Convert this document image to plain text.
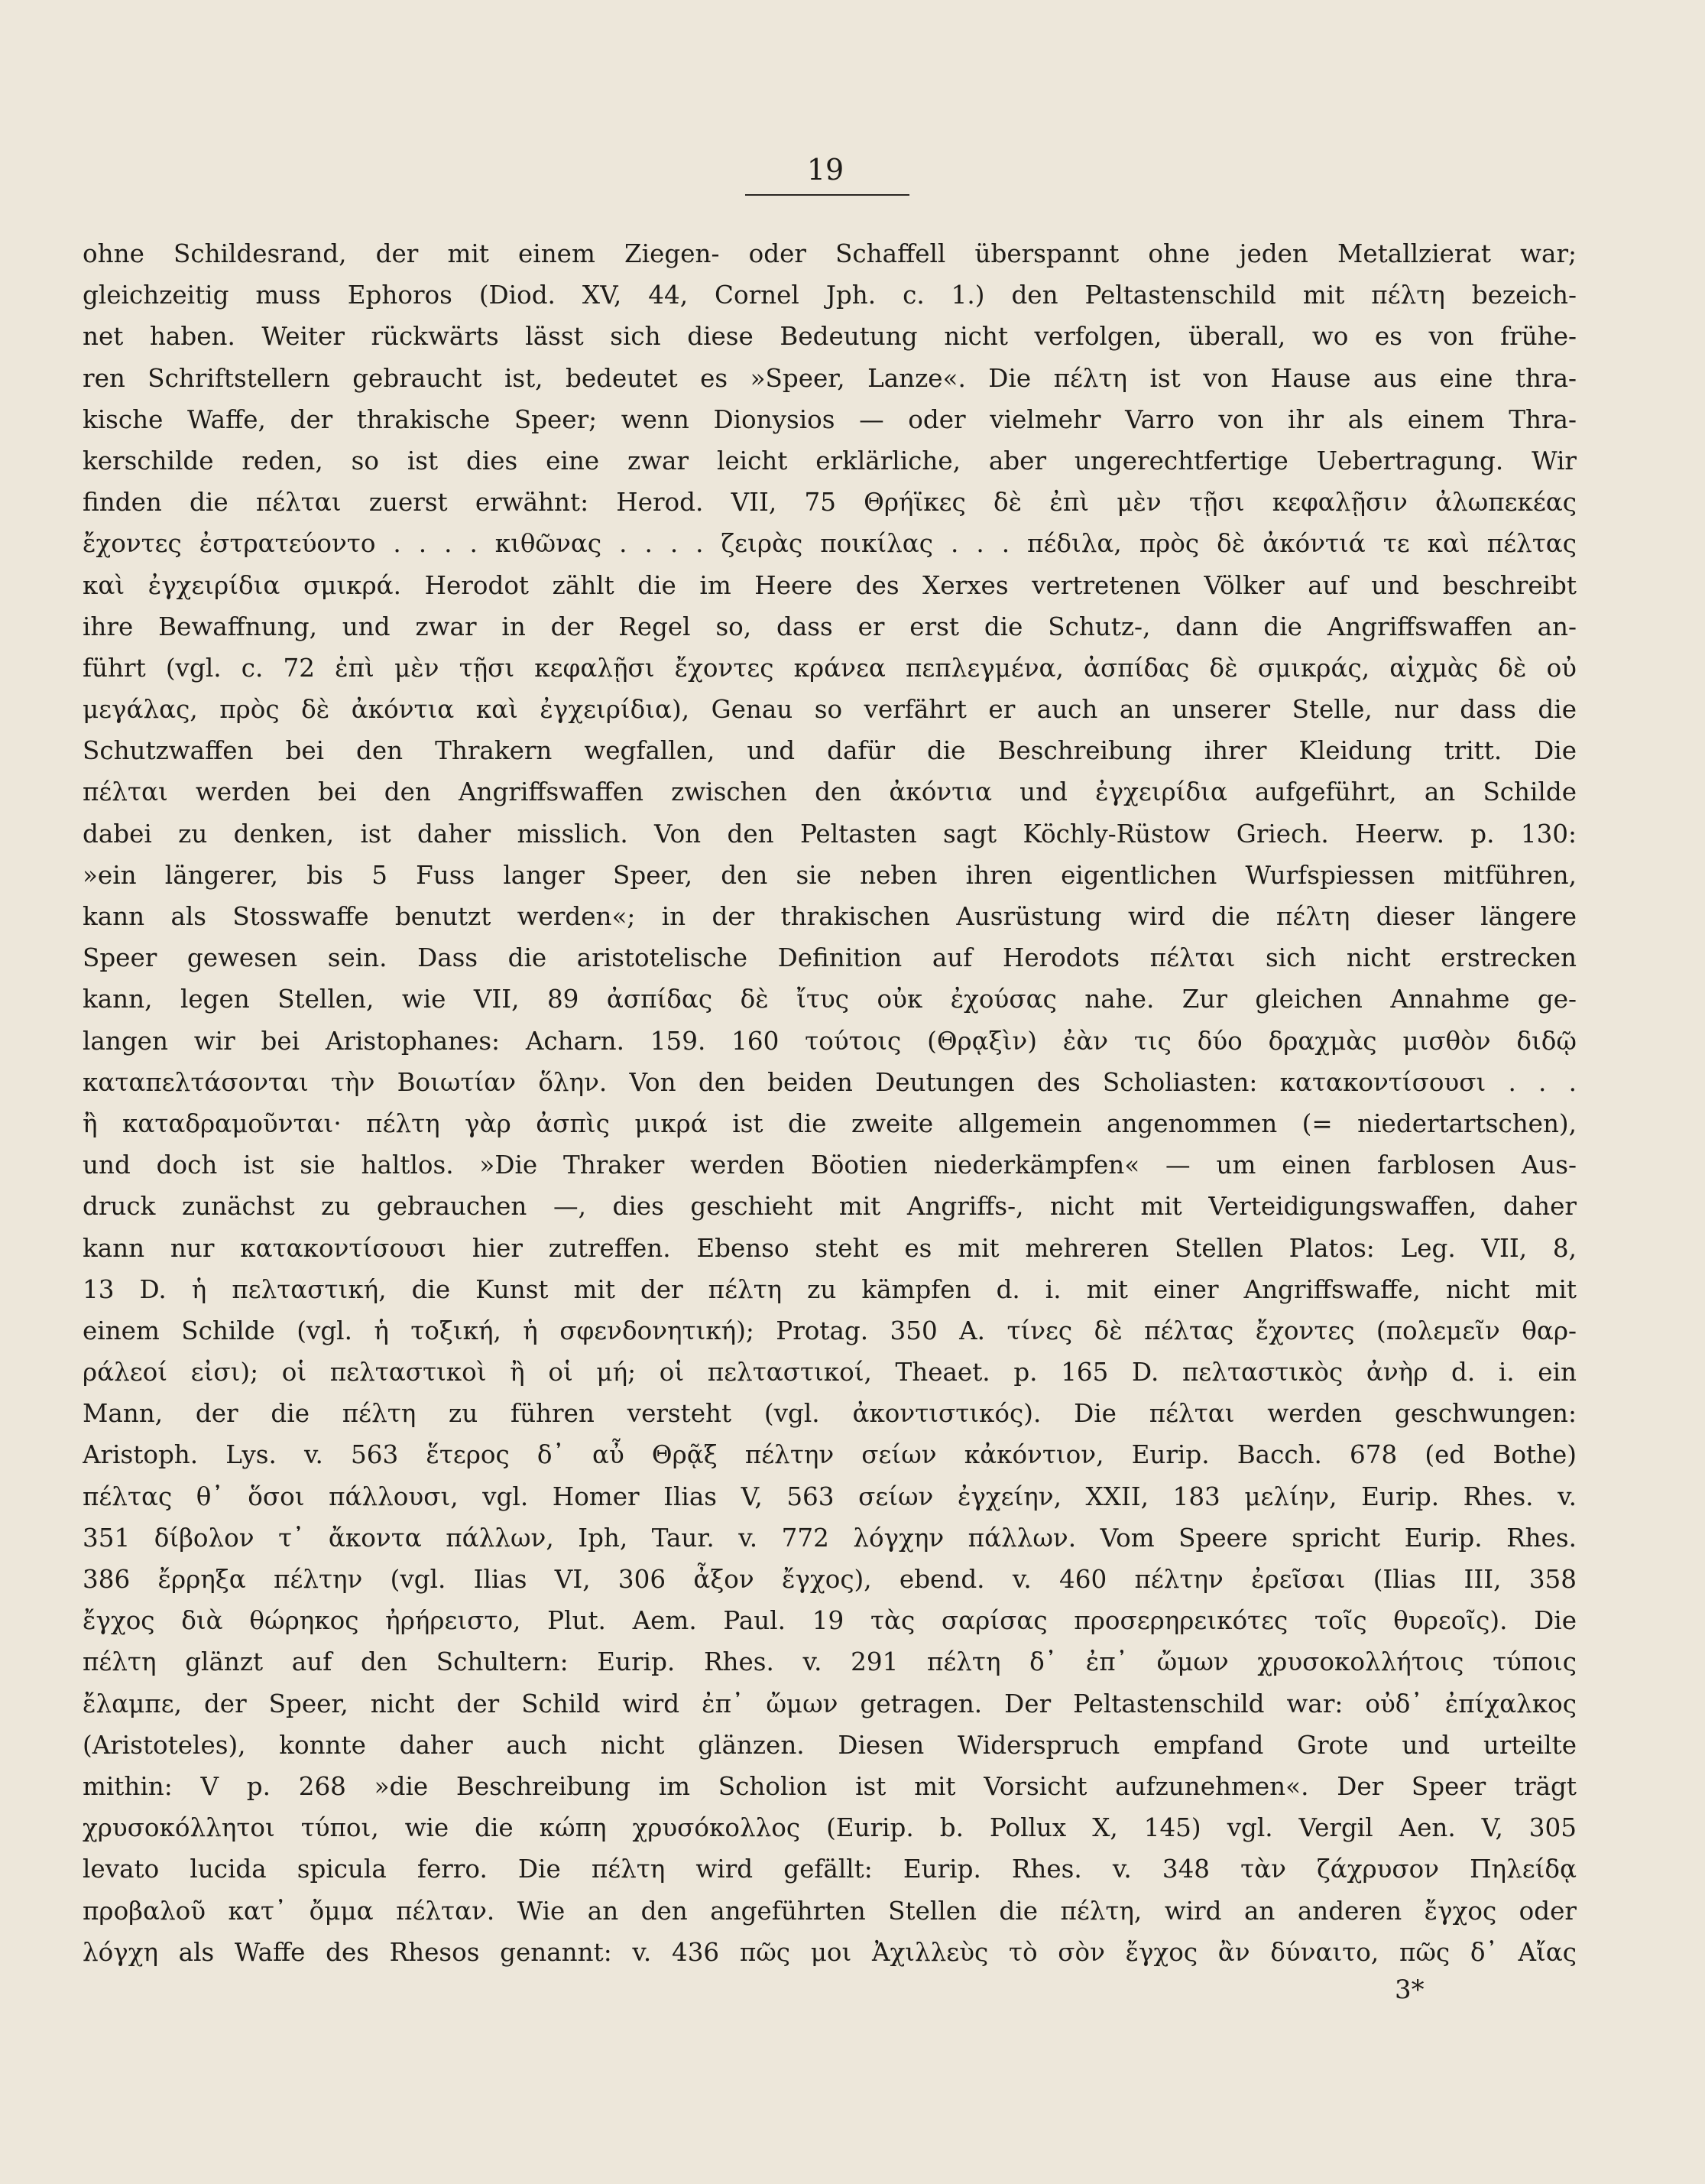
19
ohne Schildesrand, der mit einem Ziegen- oder Schaffell überspannt ohne jeden Metallzierat war;
gleichzeitig muss Ephoros (Diod. XV, 44, Cornel Jph. c. 1.) den Peltastenschild mit πέλτη bezeich-
net haben. Weiter rückwärts lässt sich diese Bedeutung nicht verfolgen, überall, wo es von frühe-
ren Schriftstellern gebraucht ist, bedeutet es »Speer, Lanze«. Die πέλτη ist von Hause aus eine thra-
kische Waffe, der thrakische Speer; wenn Dionysios — oder vielmehr Varro von ihr als einem Thra-
kerschilde reden, so ist dies eine zwar leicht erklärliche, aber ungerechtfertige Uebertragung. Wir
finden die πέλται zuerst erwähnt: Herod. VII, 75 Θρήϊκες δὲ ἐπὶ μὲν τῇσι κεφαλῇσιν ἀλωπεκέας
ἔχοντες ἐστρατεύοντο . . . . κιθῶνας . . . . ζειρὰς ποικίλας . . . πέδιλα, πρὸς δὲ ἀκόντιά τε καὶ πέλτας
καὶ ἐγχειρίδια σμικρά. Herodot zählt die im Heere des Xerxes vertretenen Völker auf und beschreibt
ihre Bewaffnung, und zwar in der Regel so, dass er erst die Schutz-, dann die Angriffswaffen an-
führt (vgl. c. 72 ἐπὶ μὲν τῇσι κεφαλῇσι ἔχοντες κράνεα πεπλεγμένα, ἀσπίδας δὲ σμικράς, αἰχμὰς δὲ οὐ
μεγάλας, πρὸς δὲ ἀκόντια καὶ ἐγχειρίδια), Genau so verfährt er auch an unserer Stelle, nur dass die
Schutzwaffen bei den Thrakern wegfallen, und dafür die Beschreibung ihrer Kleidung tritt. Die
πέλται werden bei den Angriffswaffen zwischen den ἀκόντια und ἐγχειρίδια aufgeführt, an Schilde
dabei zu denken, ist daher misslich. Von den Peltasten sagt Köchly-Rüstow Griech. Heerw. p. 130:
»ein längerer, bis 5 Fuss langer Speer, den sie neben ihren eigentlichen Wurfspiessen mitführen,
kann als Stosswaffe benutzt werden«; in der thrakischen Ausrüstung wird die πέλτη dieser längere
Speer gewesen sein. Dass die aristotelische Definition auf Herodots πέλται sich nicht erstrecken
kann, legen Stellen, wie VII, 89 ἀσπίδας δὲ ἴτυς οὐκ ἐχούσας nahe. Zur gleichen Annahme ge-
langen wir bei Aristophanes: Acharn. 159. 160 τούτοις (Θρᾳξὶν) ἐὰν τις δύο δραχμὰς μισθὸν διδῷ
καταπελτάσονται τὴν Βοιωτίαν ὅλην. Von den beiden Deutungen des Scholiasten: κατακοντίσουσι . . .
ἢ καταδραμοῦνται· πέλτη γὰρ ἀσπὶς μικρά ist die zweite allgemein angenommen (= niedertartschen),
und doch ist sie haltlos. »Die Thraker werden Böotien niederkämpfen« — um einen farblosen Aus-
druck zunächst zu gebrauchen —, dies geschieht mit Angriffs-, nicht mit Verteidigungswaffen, daher
kann nur κατακοντίσουσι hier zutreffen. Ebenso steht es mit mehreren Stellen Platos: Leg. VII, 8,
13 D. ἡ πελταστική, die Kunst mit der πέλτη zu kämpfen d. i. mit einer Angriffswaffe, nicht mit
einem Schilde (vgl. ἡ τοξική, ἡ σφενδονητική); Protag. 350 A. τίνες δὲ πέλτας ἔχοντες (πολεμεῖν θαρ-
ράλεοί εἰσι); οἱ πελταστικοὶ ἢ οἱ μή; οἱ πελταστικοί, Theaet. p. 165 D. πελταστικὸς ἀνὴρ d. i. ein
Mann, der die πέλτη zu führen versteht (vgl. ἀκοντιστικός). Die πέλται werden geschwungen:
Aristoph. Lys. v. 563 ἕτερος δ᾿ αὖ Θρᾷξ πέλτην σείων κἀκόντιον, Eurip. Bacch. 678 (ed Bothe)
πέλτας θ᾿ ὅσοι πάλλουσι, vgl. Homer Ilias V, 563 σείων ἐγχείην, XXII, 183 μελίην, Eurip. Rhes. v.
351 δίβολον τ᾿ ἄκοντα πάλλων, Iph, Taur. v. 772 λόγχην πάλλων. Vom Speere spricht Eurip. Rhes.
386 ἔρρηξα πέλτην (vgl. Ilias VI, 306 ἆξον ἔγχος), ebend. v. 460 πέλτην ἐρεῖσαι (Ilias III, 358
ἔγχος διὰ θώρηκος ἠρήρειστο, Plut. Aem. Paul. 19 τὰς σαρίσας προσερηρεικότες τοῖς θυρεοῖς). Die
πέλτη glänzt auf den Schultern: Eurip. Rhes. v. 291 πέλτη δ᾿ ἐπ᾿ ὤμων χρυσοκολλήτοις τύποις
ἔλαμπε, der Speer, nicht der Schild wird ἐπ᾿ ὤμων getragen. Der Peltastenschild war: οὐδ᾿ ἐπίχαλκος
(Aristoteles), konnte daher auch nicht glänzen. Diesen Widerspruch empfand Grote und urteilte
mithin: V p. 268 »die Beschreibung im Scholion ist mit Vorsicht aufzunehmen«. Der Speer trägt
χρυσοκόλλητοι τύποι, wie die κώπη χρυσόκολλος (Eurip. b. Pollux X, 145) vgl. Vergil Aen. V, 305
levato lucida spicula ferro. Die πέλτη wird gefällt: Eurip. Rhes. v. 348 τὰν ζάχρυσον Πηλείδᾳ
προβαλοῦ κατ᾿ ὄμμα πέλταν. Wie an den angeführten Stellen die πέλτη, wird an anderen ἔγχος oder
λόγχη als Waffe des Rhesos genannt: v. 436 πῶς μοι Ἀχιλλεὺς τὸ σὸν ἔγχος ἂν δύναιτο, πῶς δ᾿ Αἴας
3*
